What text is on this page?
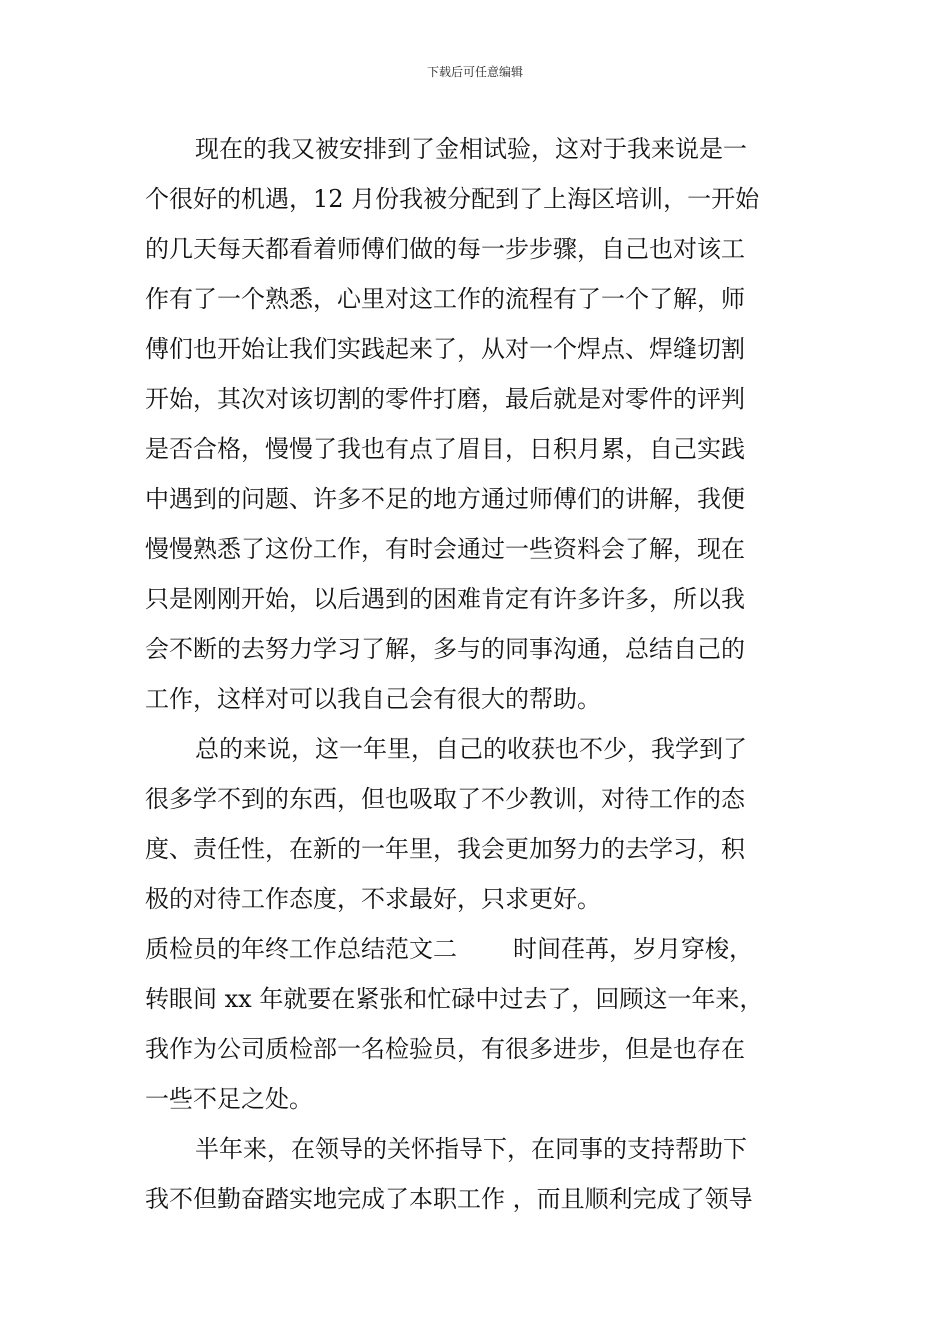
下载后可任意编辑
现在的我又被安排到了金相试验，这对于我来说是一
个很好的机遇，12 月份我被分配到了上海区培训，一开始
的几天每天都看着师傅们做的每一步步骤，自己也对该工
作有了一个熟悉，心里对这工作的流程有了一个了解，师
傅们也开始让我们实践起来了，从对一个焊点、焊缝切割
开始，其次对该切割的零件打磨，最后就是对零件的评判
是否合格，慢慢了我也有点了眉目，日积月累，自己实践
中遇到的问题、许多不足的地方通过师傅们的讲解，我便
慢慢熟悉了这份工作，有时会通过一些资料会了解，现在
只是刚刚开始，以后遇到的困难肯定有许多许多，所以我
会不断的去努力学习了解，多与的同事沟通，总结自己的
工作，这样对可以我自己会有很大的帮助。
总的来说，这一年里，自己的收获也不少，我学到了
很多学不到的东西，但也吸取了不少教训，对待工作的态
度、责任性，在新的一年里，我会更加努力的去学习，积
极的对待工作态度，不求最好，只求更好。
质检员的年终工作总结范文二 时间荏苒，岁月穿梭，
转眼间 xx 年就要在紧张和忙碌中过去了，回顾这一年来，
我作为公司质检部一名检验员，有很多进步，但是也存在
一些不足之处。
半年来，在领导的关怀指导下，在同事的支持帮助下
我不但勤奋踏实地完成了本职工作 ，而且顺利完成了领导
